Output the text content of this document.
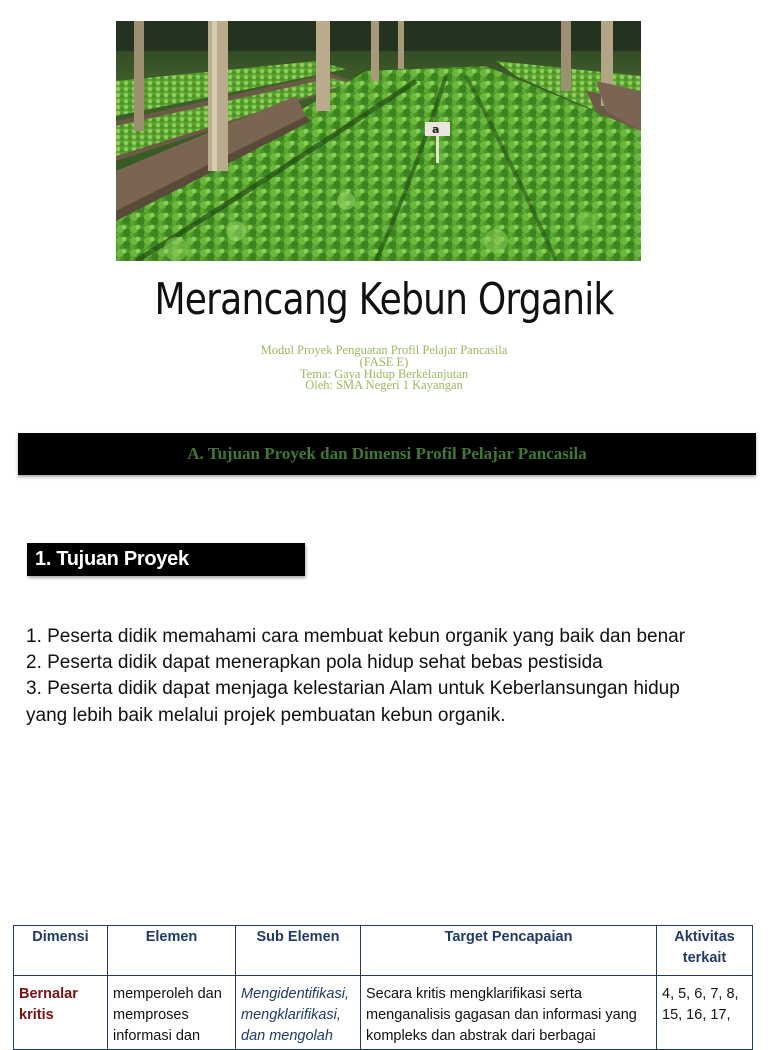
a
Merancang Kebun Organik
Modul Proyek Penguatan Profil Pelajar Pancasila
(FASE E)
Tema: Gaya Hidup Berkelanjutan
Oleh: SMA Negeri 1 Kayangan
A. Tujuan Proyek dan Dimensi Profil Pelajar Pancasila
1. Tujuan Proyek
1. Peserta didik memahami cara membuat kebun organik yang baik dan benar
2. Peserta didik dapat menerapkan pola hidup sehat bebas pestisida
3. Peserta didik dapat menjaga kelestarian Alam untuk Keberlansungan hidup yang lebih baik melalui projek pembuatan kebun organik.
Dimensi	Elemen	Sub Elemen	Target Pencapaian	Aktivitas terkait
Bernalar kritis	memperoleh dan memproses informasi dan	Mengidentifikasi, mengklarifikasi, dan mengolah	Secara kritis mengklarifikasi serta menganalisis gagasan dan informasi yang kompleks dan abstrak dari berbagai	4, 5, 6, 7, 8, 15, 16, 17,
